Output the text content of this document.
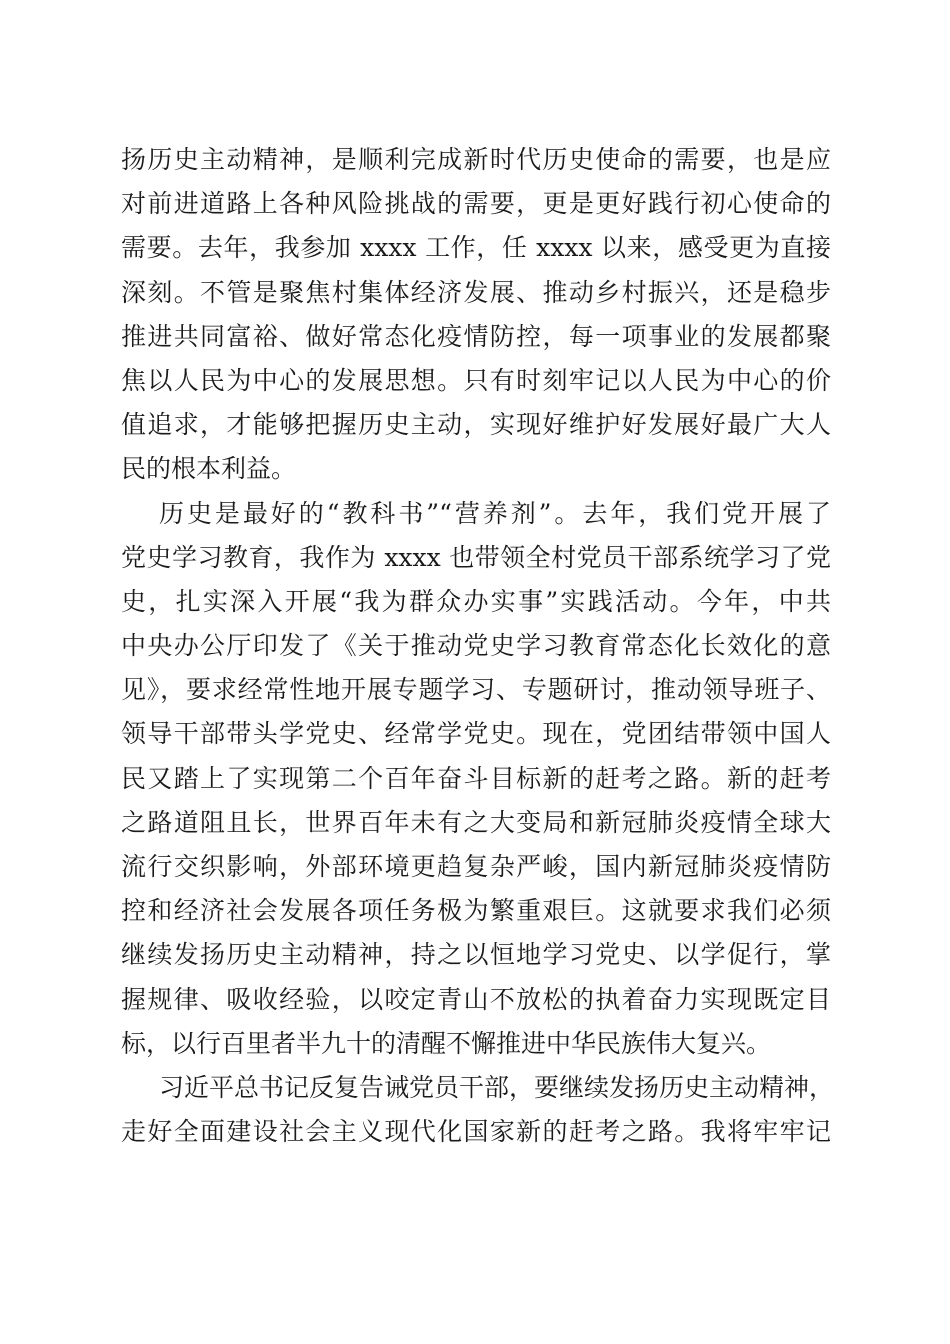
扬历史主动精神，是顺利完成新时代历史使命的需要，也是应
对前进道路上各种风险挑战的需要，更是更好践行初心使命的
需要。去年，我参加 xxxx 工作，任 xxxx 以来，感受更为直接
深刻。不管是聚焦村集体经济发展、推动乡村振兴，还是稳步
推进共同富裕、做好常态化疫情防控，每一项事业的发展都聚
焦以人民为中心的发展思想。只有时刻牢记以人民为中心的价
值追求，才能够把握历史主动，实现好维护好发展好最广大人
民的根本利益。
历史是最好的“教科书”“营养剂”。去年，我们党开展了
党史学习教育，我作为 xxxx 也带领全村党员干部系统学习了党
史，扎实深入开展“我为群众办实事”实践活动。今年，中共
中央办公厅印发了《关于推动党史学习教育常态化长效化的意
见》，要求经常性地开展专题学习、专题研讨，推动领导班子、
领导干部带头学党史、经常学党史。现在，党团结带领中国人
民又踏上了实现第二个百年奋斗目标新的赶考之路。新的赶考
之路道阻且长，世界百年未有之大变局和新冠肺炎疫情全球大
流行交织影响，外部环境更趋复杂严峻，国内新冠肺炎疫情防
控和经济社会发展各项任务极为繁重艰巨。这就要求我们必须
继续发扬历史主动精神，持之以恒地学习党史、以学促行，掌
握规律、吸收经验，以咬定青山不放松的执着奋力实现既定目
标，以行百里者半九十的清醒不懈推进中华民族伟大复兴。
习近平总书记反复告诫党员干部，要继续发扬历史主动精神，
走好全面建设社会主义现代化国家新的赶考之路。我将牢牢记
